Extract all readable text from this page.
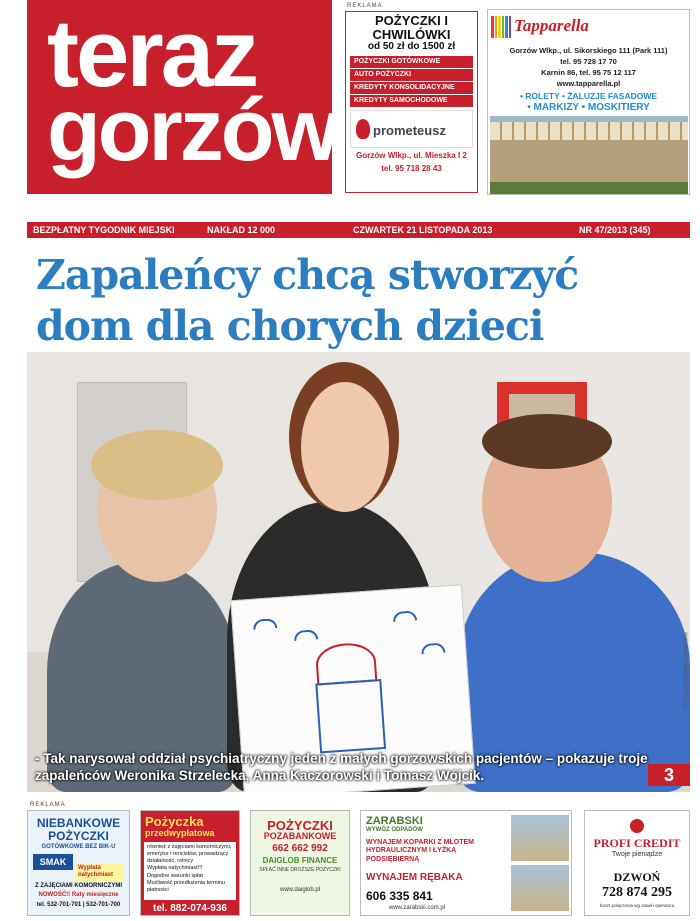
teraz
gorzów
REKLAMA
POŻYCZKI I CHWILÓWKI
od 50 zł do 1500 zł
POŻYCZKI GOTÓWKOWE
AUTO POŻYCZKI
KREDYTY KONSOLIDACYJNE
KREDYTY SAMOCHODOWE
prometeusz
Gorzów Wlkp., ul. Mieszka I 2
tel. 95 718 28 43
Tapparella
Gorzów Wlkp., ul. Sikorskiego 111 (Park 111)
tel. 95 728 17 70
Karnin 86, tel. 95 75 12 117
www.tapparella.pl
• ROLETY • ŻALUZJE FASADOWE
• MARKIZY • MOSKITIERY
BEZPŁATNY TYGODNIK MIEJSKI	NAKŁAD 12 000	CZWARTEK 21 LISTOPADA 2013	NR 47/2013 (345)
Zapaleńcy chcą stworzyć dom dla chorych dzieci
FOT. ALEKSANDRA SZYMAŃSKA
- Tak narysował oddział psychiatryczny jeden z małych gorzowskich pacjentów – pokazuje troje zapaleńców Weronika Strzelecka, Anna Kaczorowski i Tomasz Wójcik.	3
REKLAMA
NIEBANKOWE POŻYCZKI
GOTÓWKOWE BEZ BIK-U
SMAK
Wypłata natychmiast
Z ZAJĘCIAMI KOMORNICZYMI
NOWOŚĆ!! Raty miesięczne
tel. 532-701-701 | 532-701-700
Pożyczka
przedwypłatowa
również z zajęciami komorniczymi, emerytur i rencistów, prowadzący działalność, rolnicy
Wypłata natychmiast!!!
Dogodne warunki spłat
Możliwość przedłużenia terminu płatności
tel. 882-074-936
POŻYCZKI
POZABANKOWE
662 662 992
DAIGLOB FINANCE
SPŁAĆ INNE DROŻSZE POŻYCZKI
www.daiglob.pl
ZARABSKI
WYWÓZ ODPADÓW
WYNAJEM KOPARKI Z MŁOTEM HYDRAULICZNYM I ŁYŻKĄ PODSIĘBIERNĄ
WYNAJEM RĘBAKA
606 335 841
www.zarabski.com.pl
PROFI CREDIT
Twoje pieniądze
DZWOŃ
728 874 295
koszt połączenia wg stawki operatora
